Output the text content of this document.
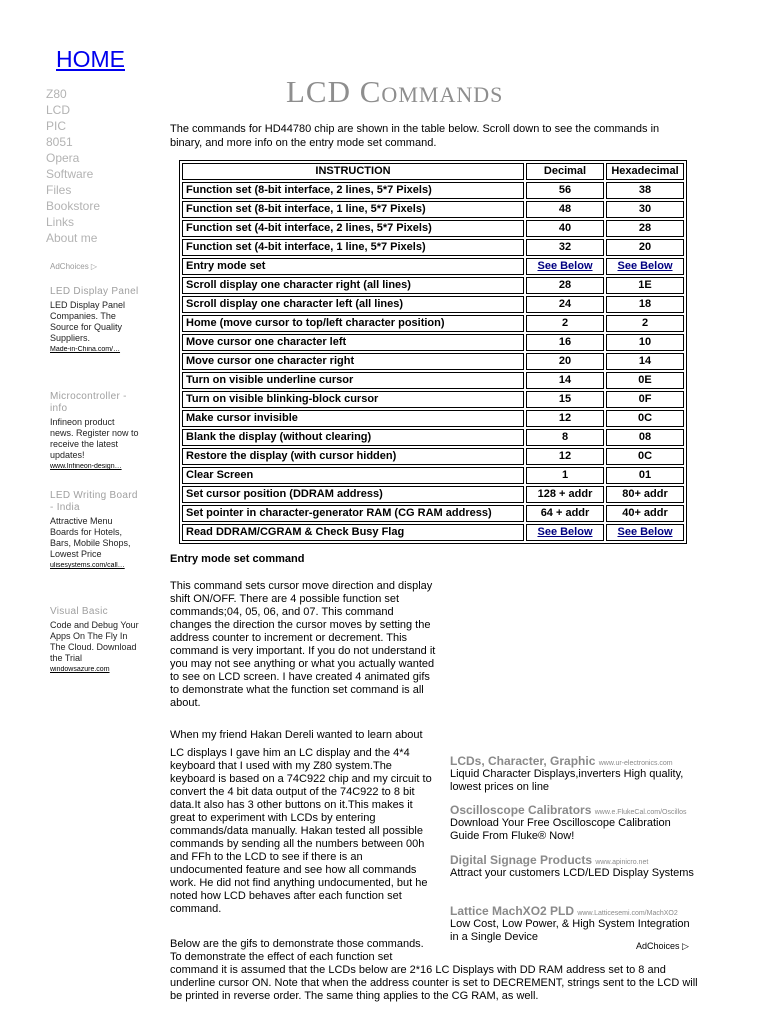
HOME
Z80
LCD
PIC
8051
Opera
Software
Files
Bookstore
Links
About me
AdChoices ▷
LED Display Panel
LED Display Panel Companies. The Source for Quality Suppliers.
Made-in-China.com/…
Microcontroller - info
Infineon product news. Register now to receive the latest updates!
www.Infineon-design…
LED Writing Board - India
Attractive Menu Boards for Hotels, Bars, Mobile Shops, Lowest Price
ulisesystems.com/call…
Visual Basic
Code and Debug Your Apps On The Fly In The Cloud. Download the Trial
windowsazure.com
LCD Commands
The commands for HD44780 chip are shown in the table below. Scroll down to see the commands in binary, and more info on the entry mode set command.
INSTRUCTION	Decimal	Hexadecimal
Function set (8-bit interface, 2 lines, 5*7 Pixels)	56	38
Function set (8-bit interface, 1 line, 5*7 Pixels)	48	30
Function set (4-bit interface, 2 lines, 5*7 Pixels)	40	28
Function set (4-bit interface, 1 line, 5*7 Pixels)	32	20
Entry mode set	See Below	See Below
Scroll display one character right (all lines)	28	1E
Scroll display one character left (all lines)	24	18
Home (move cursor to top/left character position)	2	2
Move cursor one character left	16	10
Move cursor one character right	20	14
Turn on visible underline cursor	14	0E
Turn on visible blinking-block cursor	15	0F
Make cursor invisible	12	0C
Blank the display (without clearing)	8	08
Restore the display (with cursor hidden)	12	0C
Clear Screen	1	01
Set cursor position (DDRAM address)	128 + addr	80+ addr
Set pointer in character-generator RAM (CG RAM address)	64 + addr	40+ addr
Read DDRAM/CGRAM & Check Busy Flag	See Below	See Below
Entry mode set command
This command sets cursor move direction and display shift ON/OFF. There are 4 possible function set commands;04, 05, 06, and 07. This command changes the direction the cursor moves by setting the address counter to increment or decrement. This command is very important. If you do not understand it you may not see anything or what you actually wanted to see on LCD screen. I have created 4 animated gifs to demonstrate what the function set command is all about.
When my friend Hakan Dereli wanted to learn about
LC displays I gave him an LC display and the 4*4 keyboard that I used with my Z80 system.The keyboard is based on a 74C922 chip and my circuit to convert the 4 bit data output of the 74C922 to 8 bit data.It also has 3 other buttons on it.This makes it great to experiment with LCDs by entering commands/data manually. Hakan tested all possible commands by sending all the numbers between 00h and FFh to the LCD to see if there is an undocumented feature and see how all commands work. He did not find anything undocumented, but he noted how LCD behaves after each function set command.
Below are the gifs to demonstrate those commands. To demonstrate the effect of each function set
command it is assumed that the LCDs below are 2*16 LC Displays with DD RAM address set to 8 and underline cursor ON. Note that when the address counter is set to DECREMENT, strings sent to the LCD will be printed in reverse order. The same thing applies to the CG RAM, as well.
LCDs, Character, Graphic www.ur-electronics.com
Liquid Character Displays,inverters High quality, lowest prices on line
Oscilloscope Calibrators www.e.FlukeCal.com/Oscillos
Download Your Free Oscilloscope Calibration Guide From Fluke® Now!
Digital Signage Products www.apinicro.net
Attract your customers LCD/LED Display Systems
Lattice MachXO2 PLD www.Latticesemi.com/MachXO2
Low Cost, Low Power, & High System Integration in a Single Device
AdChoices ▷
